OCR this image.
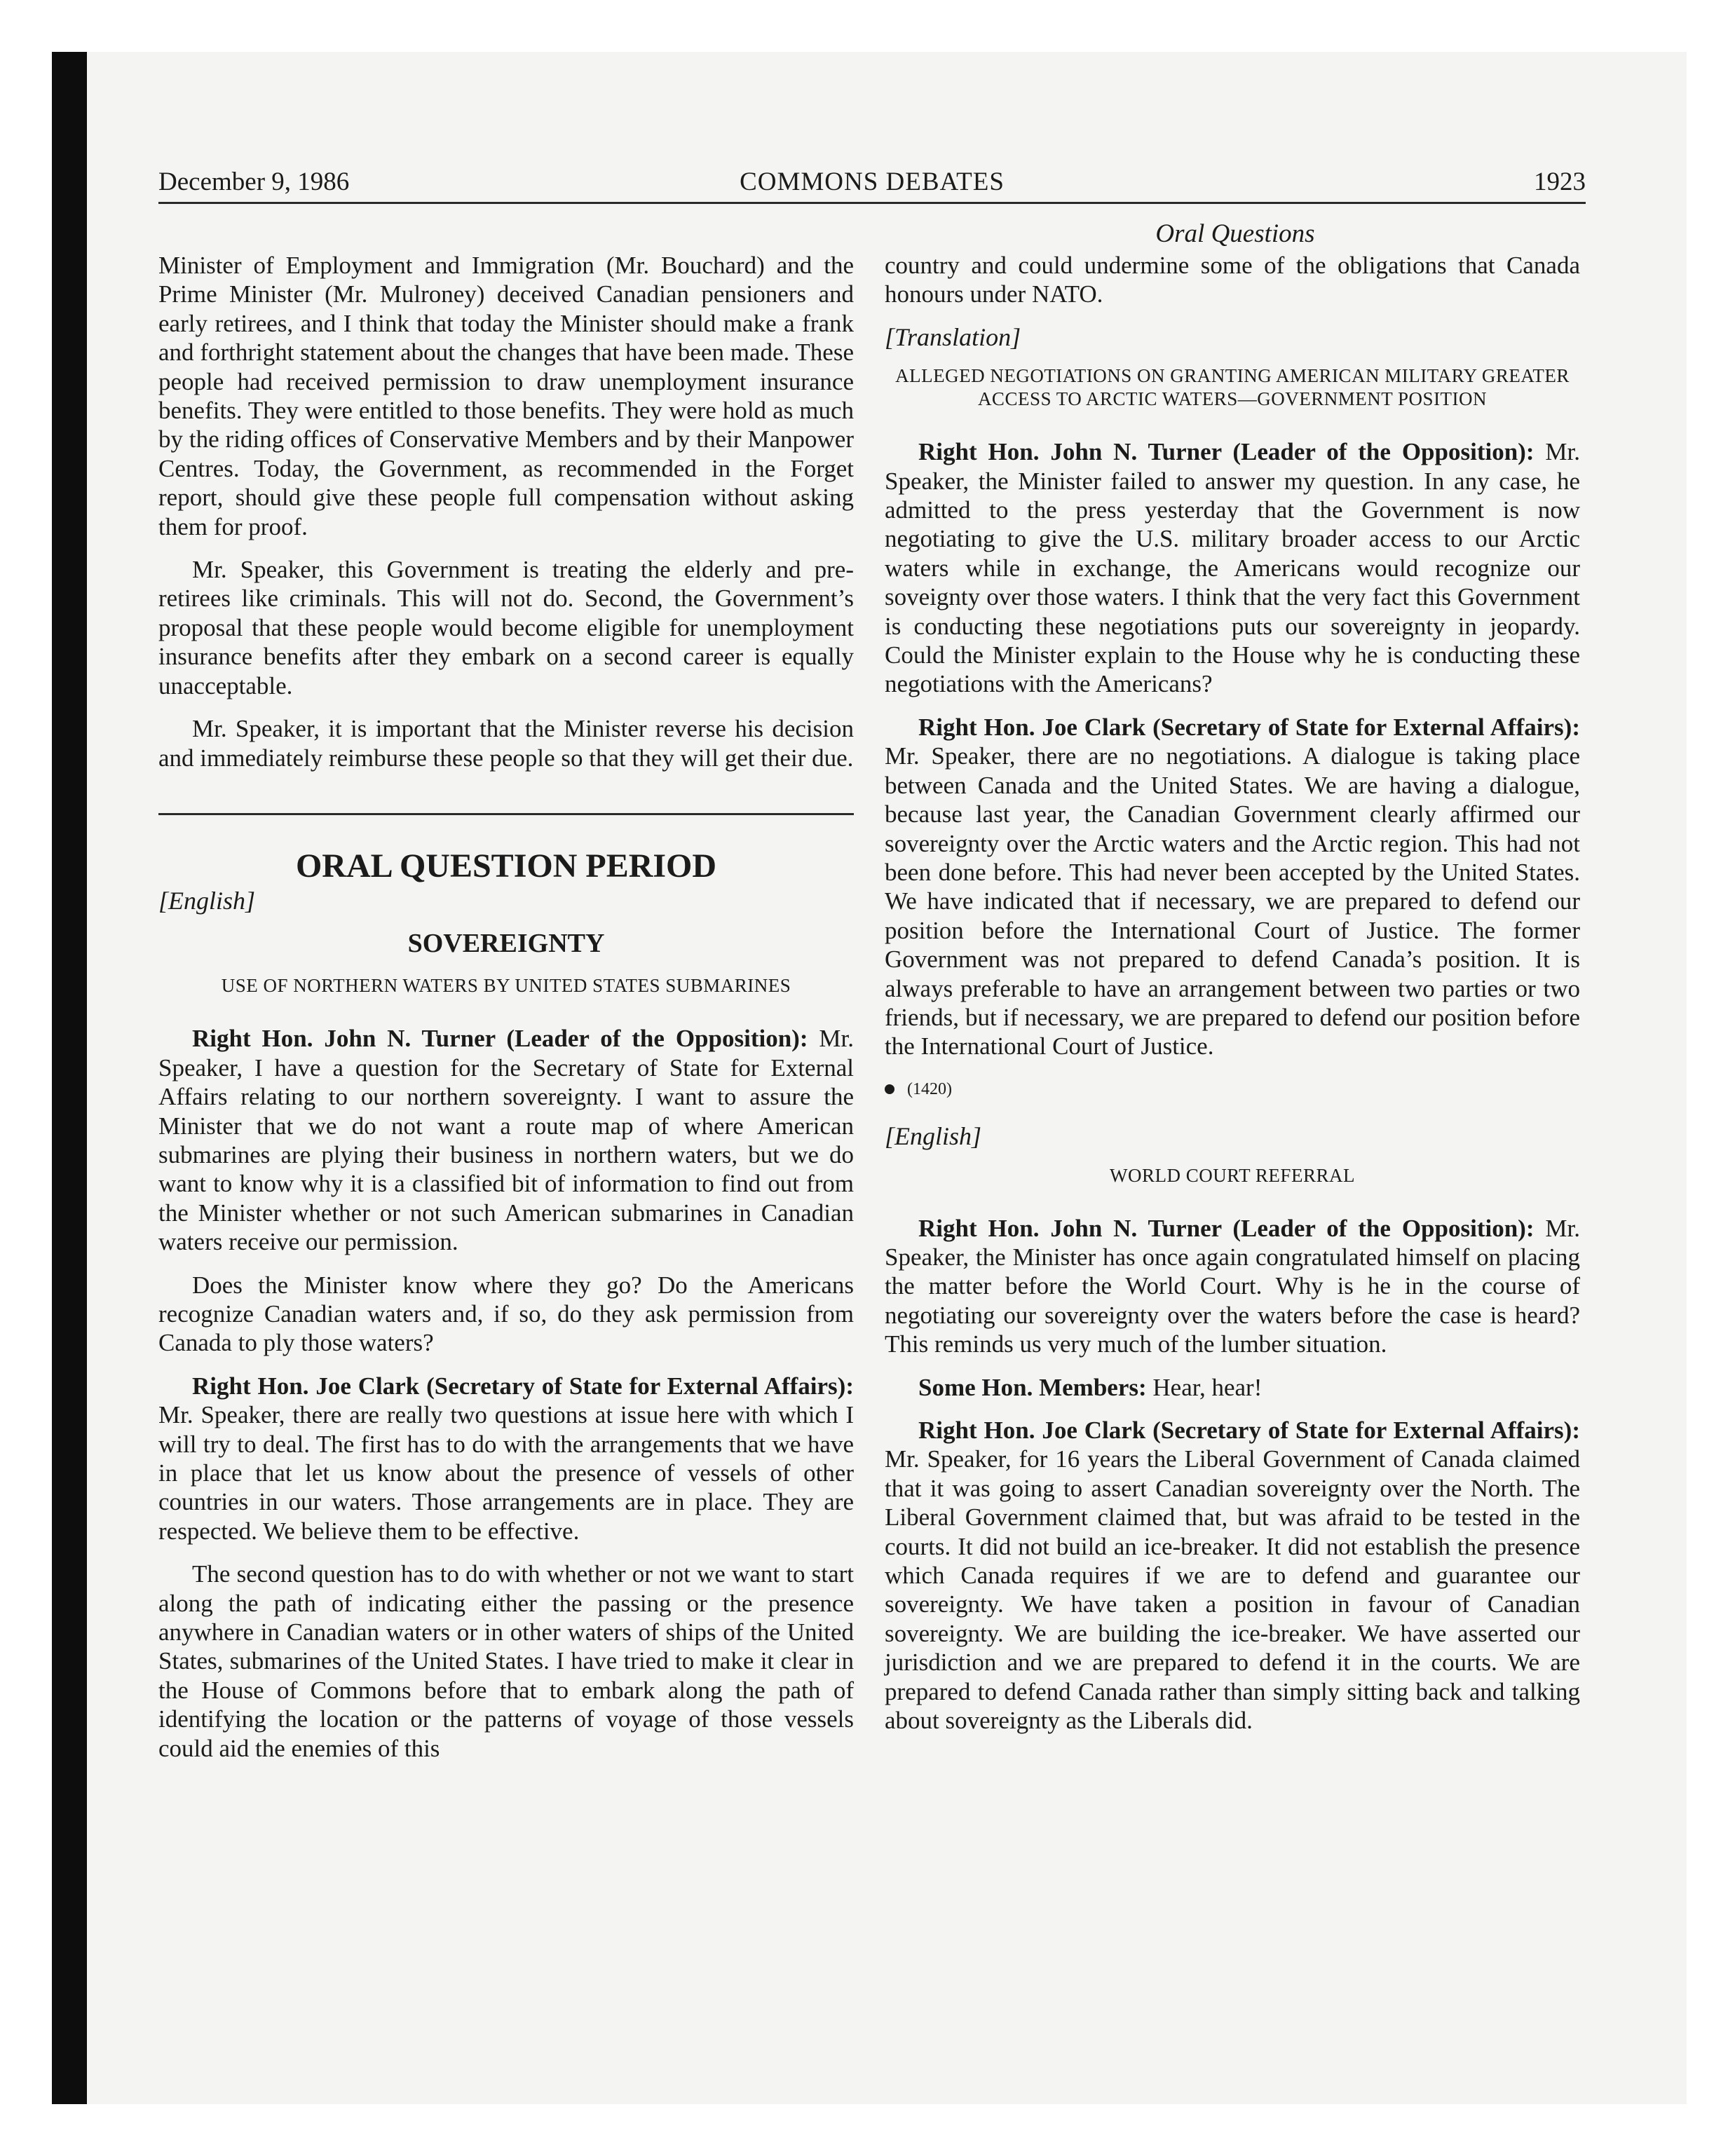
December 9, 1986	COMMONS DEBATES	1923
Oral Questions

Minister of Employment and Immigration (Mr. Bouchard) and the Prime Minister (Mr. Mulroney) deceived Canadian pensioners and early retirees, and I think that today the Minister should make a frank and forthright statement about the changes that have been made. These people had received permission to draw unemployment insurance benefits. They were entitled to those benefits. They were hold as much by the riding offices of Conservative Members and by their Manpower Centres. Today, the Government, as recommended in the Forget report, should give these people full compensation without asking them for proof.

Mr. Speaker, this Government is treating the elderly and pre-retirees like criminals. This will not do. Second, the Government’s proposal that these people would become eligible for unemployment insurance benefits after they embark on a second career is equally unacceptable.

Mr. Speaker, it is important that the Minister reverse his decision and immediately reimburse these people so that they will get their due.

ORAL QUESTION PERIOD
[English]
SOVEREIGNTY
USE OF NORTHERN WATERS BY UNITED STATES SUBMARINES

Right Hon. John N. Turner (Leader of the Opposition): Mr. Speaker, I have a question for the Secretary of State for External Affairs relating to our northern sovereignty. I want to assure the Minister that we do not want a route map of where American submarines are plying their business in northern waters, but we do want to know why it is a classified bit of information to find out from the Minister whether or not such American submarines in Canadian waters receive our permission.

Does the Minister know where they go? Do the Americans recognize Canadian waters and, if so, do they ask permission from Canada to ply those waters?

Right Hon. Joe Clark (Secretary of State for External Affairs): Mr. Speaker, there are really two questions at issue here with which I will try to deal. The first has to do with the arrangements that we have in place that let us know about the presence of vessels of other countries in our waters. Those arrangements are in place. They are respected. We believe them to be effective.

The second question has to do with whether or not we want to start along the path of indicating either the passing or the presence anywhere in Canadian waters or in other waters of ships of the United States, submarines of the United States. I have tried to make it clear in the House of Commons before that to embark along the path of identifying the location or the patterns of voyage of those vessels could aid the enemies of this

country and could undermine some of the obligations that Canada honours under NATO.

[Translation]
ALLEGED NEGOTIATIONS ON GRANTING AMERICAN MILITARY GREATER ACCESS TO ARCTIC WATERS—GOVERNMENT POSITION

Right Hon. John N. Turner (Leader of the Opposition): Mr. Speaker, the Minister failed to answer my question. In any case, he admitted to the press yesterday that the Government is now negotiating to give the U.S. military broader access to our Arctic waters while in exchange, the Americans would recognize our soveignty over those waters. I think that the very fact this Government is conducting these negotiations puts our sovereignty in jeopardy. Could the Minister explain to the House why he is conducting these negotiations with the Americans?

Right Hon. Joe Clark (Secretary of State for External Affairs): Mr. Speaker, there are no negotiations. A dialogue is taking place between Canada and the United States. We are having a dialogue, because last year, the Canadian Government clearly affirmed our sovereignty over the Arctic waters and the Arctic region. This had not been done before. This had never been accepted by the United States. We have indicated that if necessary, we are prepared to defend our position before the International Court of Justice. The former Government was not prepared to defend Canada’s position. It is always preferable to have an arrangement between two parties or two friends, but if necessary, we are prepared to defend our position before the International Court of Justice.

(1420)
[English]
WORLD COURT REFERRAL

Right Hon. John N. Turner (Leader of the Opposition): Mr. Speaker, the Minister has once again congratulated himself on placing the matter before the World Court. Why is he in the course of negotiating our sovereignty over the waters before the case is heard? This reminds us very much of the lumber situation.

Some Hon. Members: Hear, hear!

Right Hon. Joe Clark (Secretary of State for External Affairs): Mr. Speaker, for 16 years the Liberal Government of Canada claimed that it was going to assert Canadian sovereignty over the North. The Liberal Government claimed that, but was afraid to be tested in the courts. It did not build an ice-breaker. It did not establish the presence which Canada requires if we are to defend and guarantee our sovereignty. We have taken a position in favour of Canadian sovereignty. We are building the ice-breaker. We have asserted our jurisdiction and we are prepared to defend it in the courts. We are prepared to defend Canada rather than simply sitting back and talking about sovereignty as the Liberals did.
